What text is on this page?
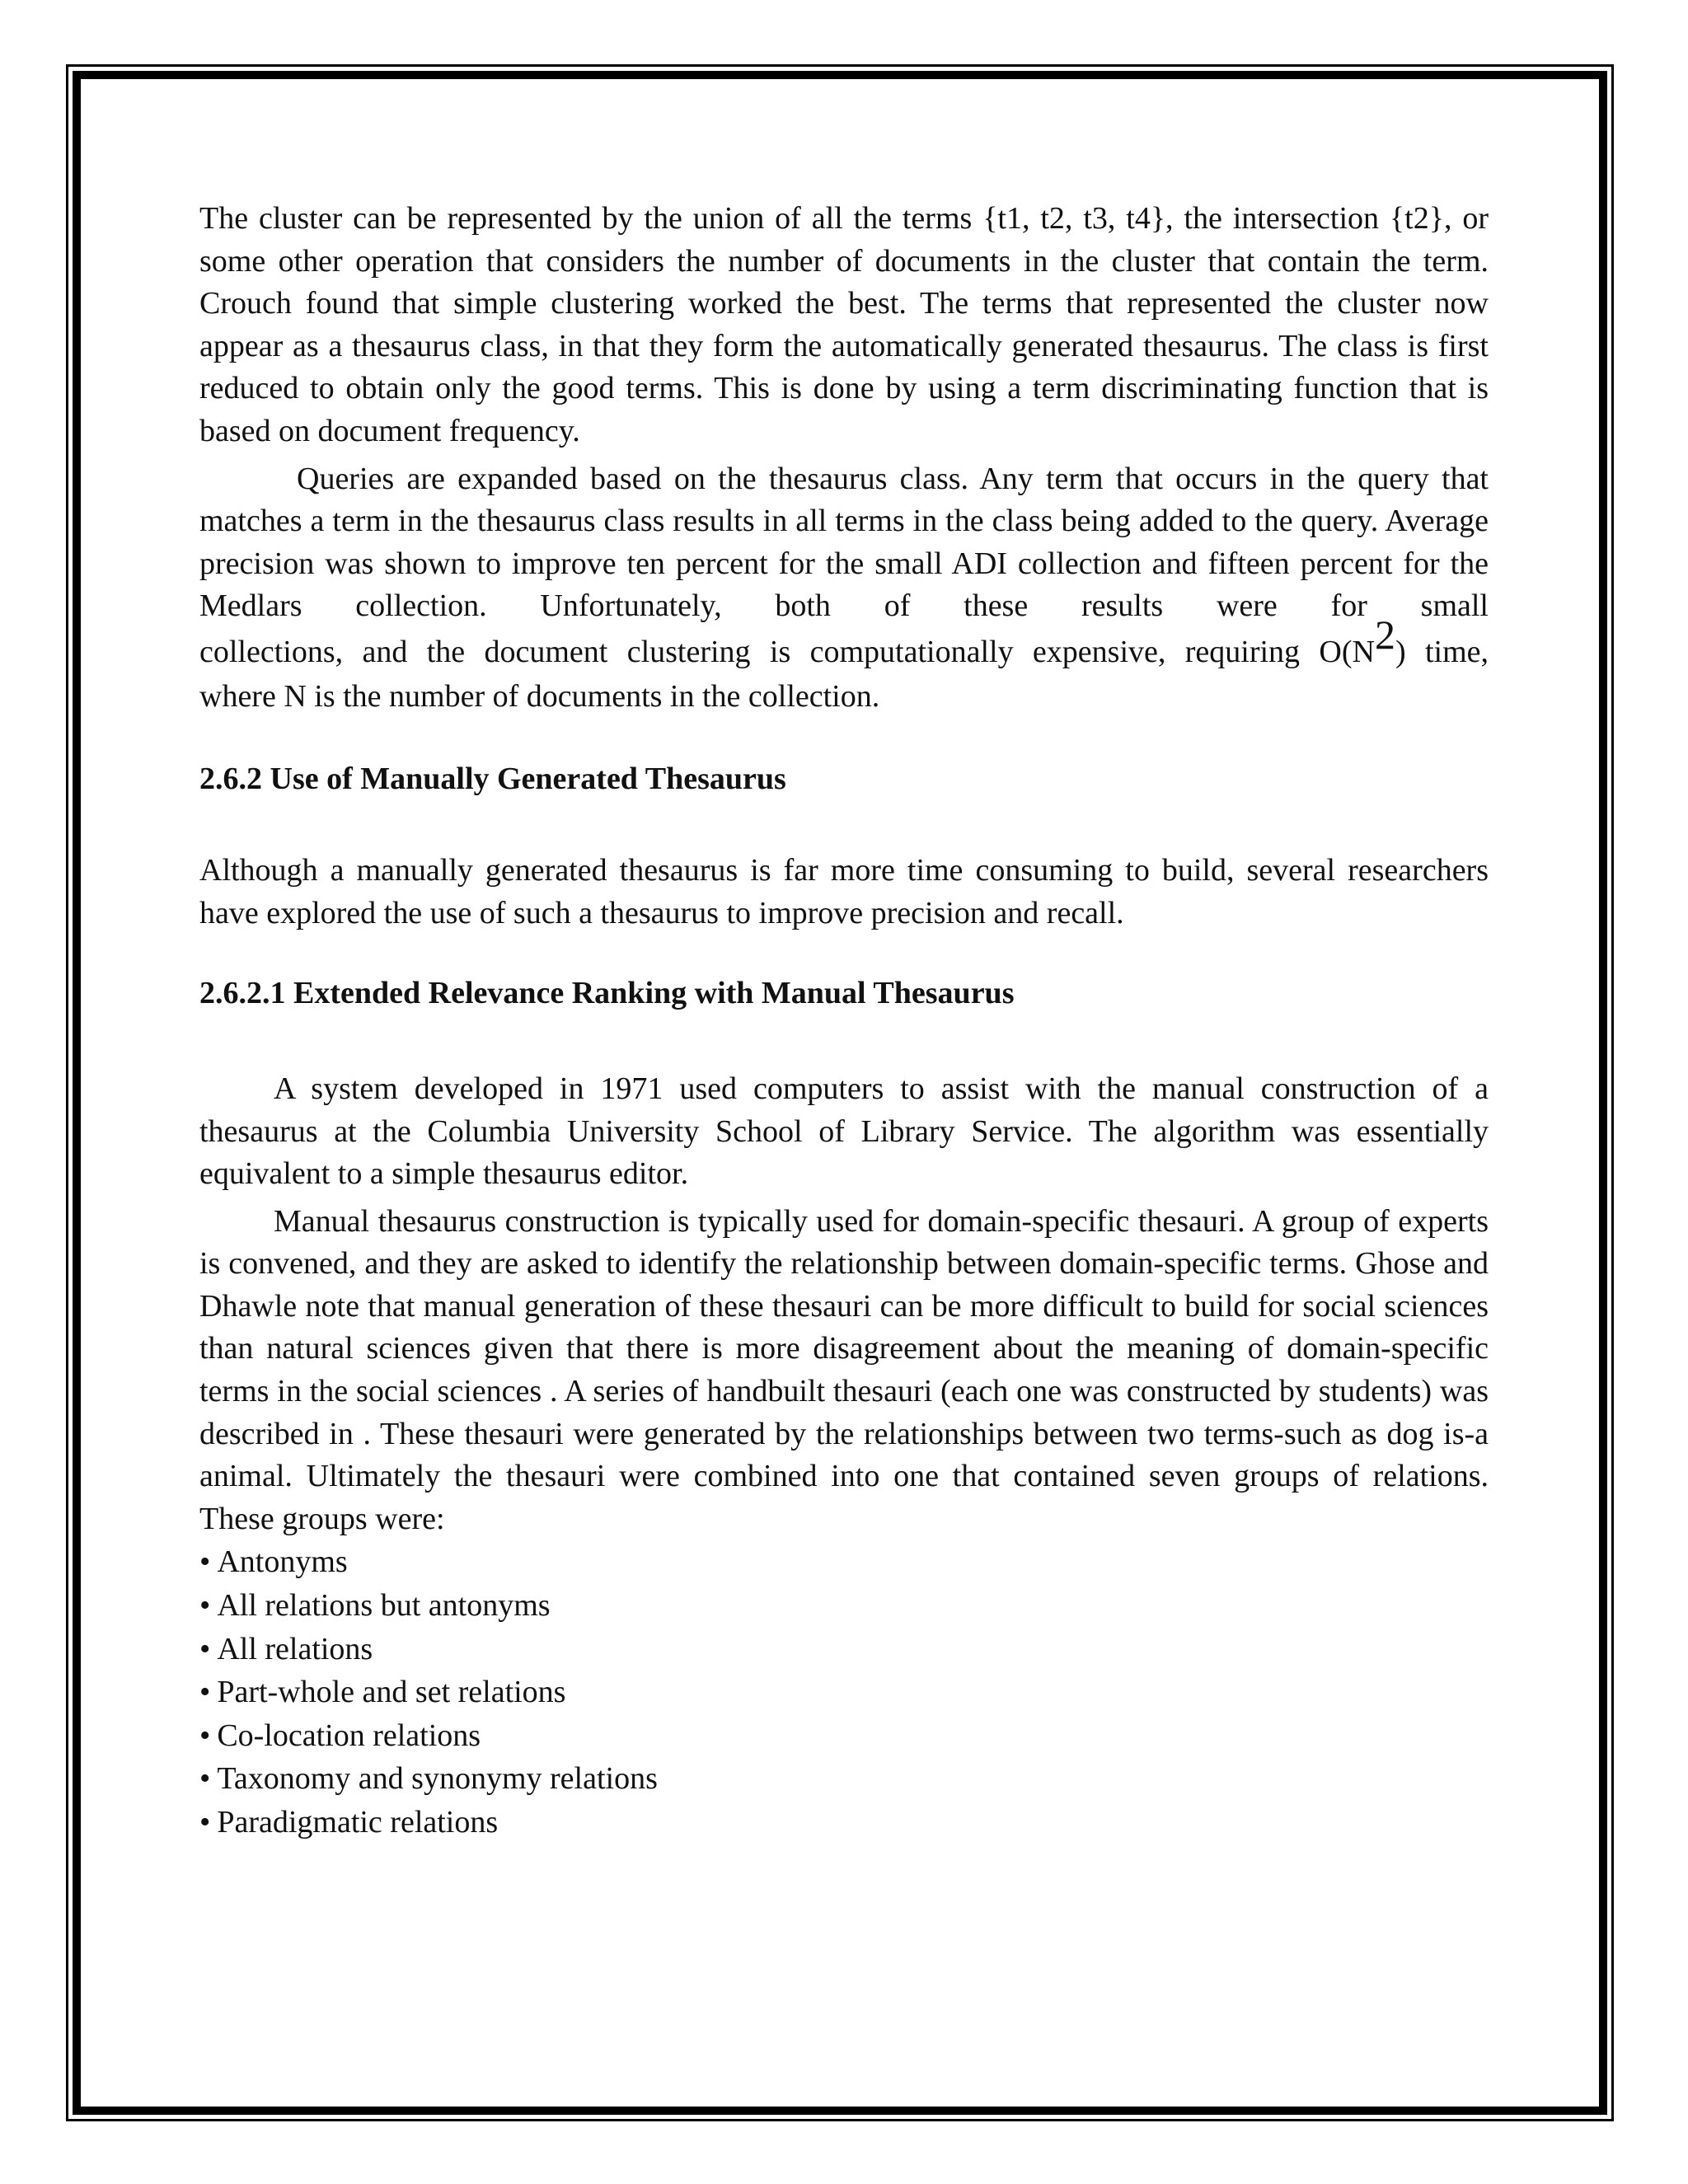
The cluster can be represented by the union of all the terms {t1, t2, t3, t4}, the intersection {t2}, or some other operation that considers the number of documents in the cluster that contain the term. Crouch found that simple clustering worked the best. The terms that represented the cluster now appear as a thesaurus class, in that they form the automatically generated thesaurus. The class is first reduced to obtain only the good terms. This is done by using a term discriminating function that is based on document frequency.

Queries are expanded based on the thesaurus class. Any term that occurs in the query that matches a term in the thesaurus class results in all terms in the class being added to the query. Average precision was shown to improve ten percent for the small ADI collection and fifteen percent for the Medlars collection. Unfortunately, both of these results were for small

collections, and the document clustering is computationally expensive, requiring O(N2) time,

where N is the number of documents in the collection.

2.6.2 Use of Manually Generated Thesaurus

Although a manually generated thesaurus is far more time consuming to build, several researchers have explored the use of such a thesaurus to improve precision and recall.

2.6.2.1 Extended Relevance Ranking with Manual Thesaurus

A system developed in 1971 used computers to assist with the manual construction of a thesaurus at the Columbia University School of Library Service. The algorithm was essentially equivalent to a simple thesaurus editor.

Manual thesaurus construction is typically used for domain-specific thesauri. A group of experts is convened, and they are asked to identify the relationship between domain-specific terms. Ghose and Dhawle note that manual generation of these thesauri can be more difficult to build for social sciences than natural sciences given that there is more disagreement about the meaning of domain-specific terms in the social sciences . A series of handbuilt thesauri (each one was constructed by students) was described in . These thesauri were generated by the relationships between two terms-such as dog is-a animal. Ultimately the thesauri were combined into one that contained seven groups of relations. These groups were:

• Antonyms
• All relations but antonyms
• All relations
• Part-whole and set relations
• Co-location relations
• Taxonomy and synonymy relations
• Paradigmatic relations
